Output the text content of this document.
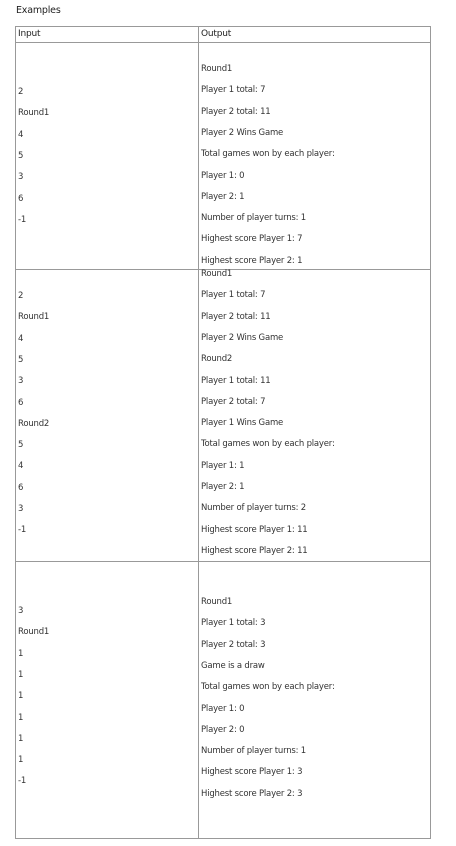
Examples
Input	Output
2
Round1
4
5
3
6
-1
Round1
Player 1 total: 7
Player 2 total: 11
Player 2 Wins Game
Total games won by each player:
Player 1: 0
Player 2: 1
Number of player turns: 1
Highest score Player 1: 7
Highest score Player 2: 1
2
Round1
4
5
3
6
Round2
5
4
6
3
-1
Round1
Player 1 total: 7
Player 2 total: 11
Player 2 Wins Game
Round2
Player 1 total: 11
Player 2 total: 7
Player 1 Wins Game
Total games won by each player:
Player 1: 1
Player 2: 1
Number of player turns: 2
Highest score Player 1: 11
Highest score Player 2: 11
3
Round1
1
1
1
1
1
1
-1
Round1
Player 1 total: 3
Player 2 total: 3
Game is a draw
Total games won by each player:
Player 1: 0
Player 2: 0
Number of player turns: 1
Highest score Player 1: 3
Highest score Player 2: 3
